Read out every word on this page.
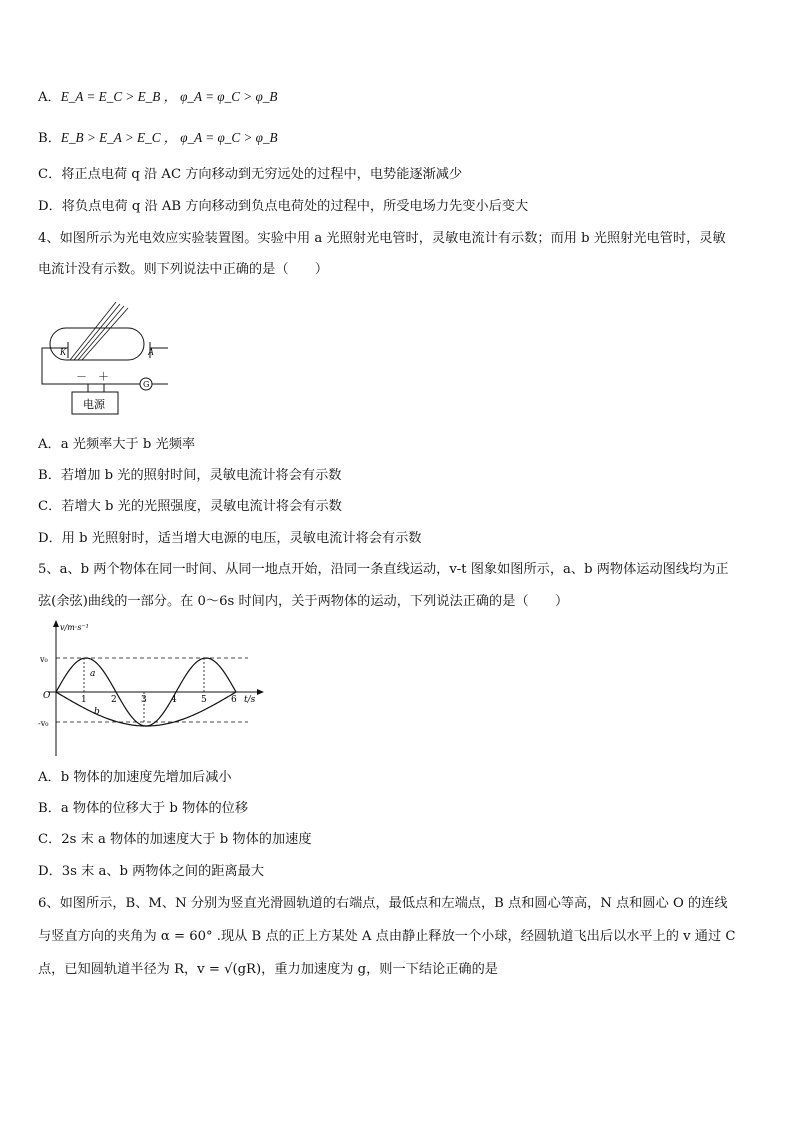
A．E_A = E_C > E_B ， φ_A = φ_C > φ_B
B．E_B > E_A > E_C ， φ_A = φ_C > φ_B
C．将正点电荷 q 沿 AC 方向移动到无穷远处的过程中，电势能逐渐减少
D．将负点电荷 q 沿 AB 方向移动到负点电荷处的过程中，所受电场力先变小后变大
4、如图所示为光电效应实验装置图。实验中用 a 光照射光电管时，灵敏电流计有示数；而用 b 光照射光电管时，灵敏
电流计没有示数。则下列说法中正确的是（　　）
K	A
－ ＋
G
电源
A．a 光频率大于 b 光频率
B．若增加 b 光的照射时间，灵敏电流计将会有示数
C．若增大 b 光的光照强度，灵敏电流计将会有示数
D．用 b 光照射时，适当增大电源的电压，灵敏电流计将会有示数
5、a、b 两个物体在同一时间、从同一地点开始，沿同一条直线运动，v-t 图象如图所示，a、b 两物体运动图线均为正
弦(余弦)曲线的一部分。在 0～6s 时间内，关于两物体的运动，下列说法正确的是（　　）
v/m·s⁻¹
t/s
O
v₀
-v₀
1	2	3	4	5	6
a
b
A．b 物体的加速度先增加后减小
B．a 物体的位移大于 b 物体的位移
C．2s 末 a 物体的加速度大于 b 物体的加速度
D．3s 末 a、b 两物体之间的距离最大
6、如图所示，B、M、N 分别为竖直光滑圆轨道的右端点，最低点和左端点，B 点和圆心等高，N 点和圆心 O 的连线
与竖直方向的夹角为 α = 60° .现从 B 点的正上方某处 A 点由静止释放一个小球，经圆轨道飞出后以水平上的 v 通过 C
点，已知圆轨道半径为 R，v = √(gR)，重力加速度为 g，则一下结论正确的是
